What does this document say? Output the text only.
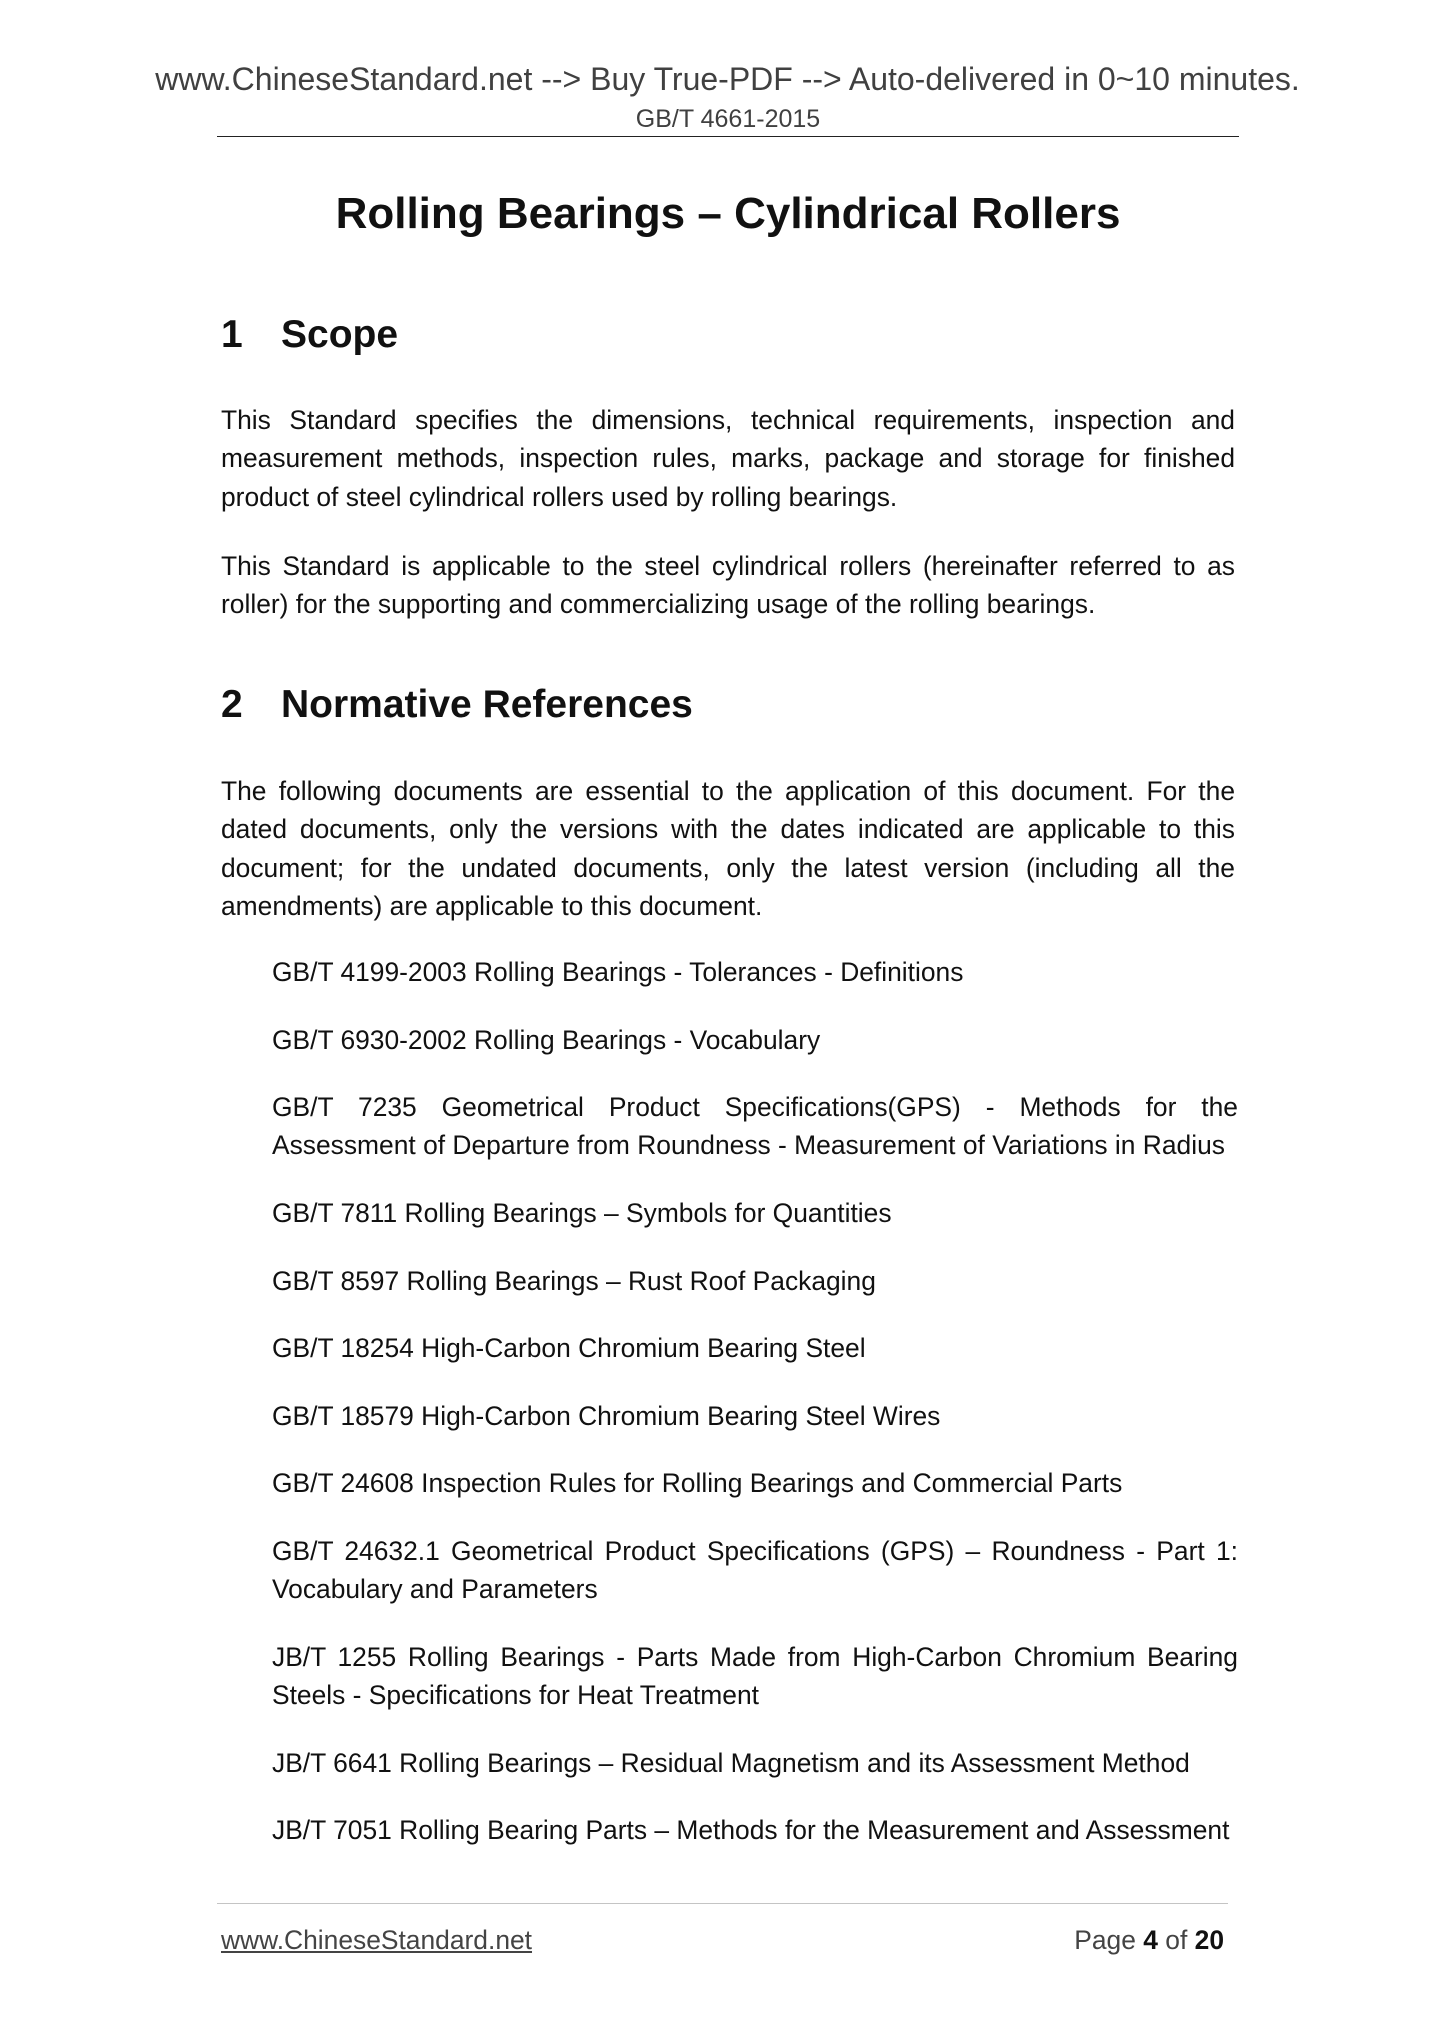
www.ChineseStandard.net --> Buy True-PDF --> Auto-delivered in 0~10 minutes.
GB/T 4661-2015
Rolling Bearings – Cylindrical Rollers
1 Scope

This Standard specifies the dimensions, technical requirements, inspection and measurement methods, inspection rules, marks, package and storage for finished product of steel cylindrical rollers used by rolling bearings.

This Standard is applicable to the steel cylindrical rollers (hereinafter referred to as roller) for the supporting and commercializing usage of the rolling bearings.

2 Normative References

The following documents are essential to the application of this document. For the dated documents, only the versions with the dates indicated are applicable to this document; for the undated documents, only the latest version (including all the amendments) are applicable to this document.

GB/T 4199-2003 Rolling Bearings - Tolerances - Definitions
GB/T 6930-2002 Rolling Bearings - Vocabulary
GB/T 7235 Geometrical Product Specifications(GPS) - Methods for the Assessment of Departure from Roundness - Measurement of Variations in Radius
GB/T 7811 Rolling Bearings – Symbols for Quantities
GB/T 8597 Rolling Bearings – Rust Roof Packaging
GB/T 18254 High-Carbon Chromium Bearing Steel
GB/T 18579 High-Carbon Chromium Bearing Steel Wires
GB/T 24608 Inspection Rules for Rolling Bearings and Commercial Parts
GB/T 24632.1 Geometrical Product Specifications (GPS) – Roundness - Part 1: Vocabulary and Parameters
JB/T 1255 Rolling Bearings - Parts Made from High-Carbon Chromium Bearing Steels - Specifications for Heat Treatment
JB/T 6641 Rolling Bearings – Residual Magnetism and its Assessment Method
JB/T 7051 Rolling Bearing Parts – Methods for the Measurement and Assessment
www.ChineseStandard.net	Page 4 of 20
